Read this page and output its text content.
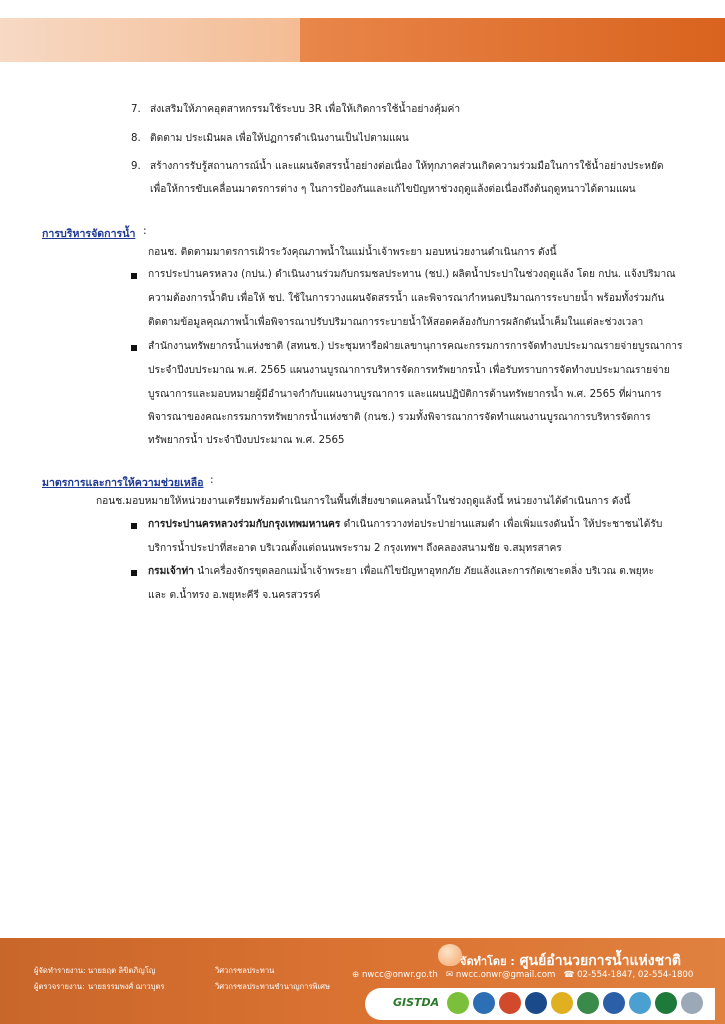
7. ส่งเสริมให้ภาคอุตสาหกรรมใช้ระบบ 3R เพื่อให้เกิดการใช้น้ำอย่างคุ้มค่า
8. ติดตาม ประเมินผล เพื่อให้ปฏการดำเนินงานเป็นไปตามแผน
9. สร้างการรับรู้สถานการณ์น้ำ และแผนจัดสรรน้ำอย่างต่อเนื่อง ให้ทุกภาคส่วนเกิดความร่วมมือในการใช้น้ำอย่างประหยัด
เพื่อให้การขับเคลื่อนมาตรการต่าง ๆ ในการป้องกันและแก้ไขปัญหาช่วงฤดูแล้งต่อเนื่องถึงต้นฤดูหนาวได้ตามแผน
การบริหารจัดการน้ำ :
กอนช. ติดตามมาตรการเฝ้าระวังคุณภาพน้ำในแม่น้ำเจ้าพระยา มอบหน่วยงานดำเนินการ ดังนี้
การประปานครหลวง (กปน.) ดำเนินงานร่วมกับกรมชลประทาน (ชป.) ผลิตน้ำประปาในช่วงฤดูแล้ง โดย กปน. แจ้งปริมาณ
ความต้องการน้ำดิบ เพื่อให้ ชป. ใช้ในการวางแผนจัดสรรน้ำ และพิจารณากำหนดปริมาณการระบายน้ำ พร้อมทั้งร่วมกัน
ติดตามข้อมูลคุณภาพน้ำเพื่อพิจารณาปรับปริมาณการระบายน้ำให้สอดคล้องกับการผลักดันน้ำเค็มในแต่ละช่วงเวลา
สำนักงานทรัพยากรน้ำแห่งชาติ (สทนช.) ประชุมหารือฝ่ายเลขานุการคณะกรรมการการจัดทำงบประมาณรายจ่ายบูรณาการ
ประจำปีงบประมาณ พ.ศ. 2565 แผนงานบูรณาการบริหารจัดการทรัพยากรน้ำ เพื่อรับทราบการจัดทำงบประมาณรายจ่าย
บูรณาการและมอบหมายผู้มีอำนาจกำกับแผนงานบูรณาการ และแผนปฏิบัติการด้านทรัพยากรน้ำ พ.ศ. 2565 ที่ผ่านการ
พิจารณาของคณะกรรมการทรัพยากรน้ำแห่งชาติ (กนช.) รวมทั้งพิจารณาการจัดทำแผนงานบูรณาการบริหารจัดการ
ทรัพยากรน้ำ ประจำปีงบประมาณ พ.ศ. 2565
มาตรการและการให้ความช่วยเหลือ :
กอนช.มอบหมายให้หน่วยงานเตรียมพร้อมดำเนินการในพื้นที่เสี่ยงขาดแคลนน้ำในช่วงฤดูแล้งนี้ หน่วยงานได้ดำเนินการ ดังนี้
การประปานครหลวงร่วมกับกรุงเทพมหานคร ดำเนินการวางท่อประปาย่านแสมดำ เพื่อเพิ่มแรงดันน้ำ ให้ประชาชนได้รับ
บริการน้ำประปาที่สะอาด บริเวณตั้งแต่ถนนพระราม 2 กรุงเทพฯ ถึงคลองสนามชัย จ.สมุทรสาคร
กรมเจ้าท่า นำเครื่องจักรขุดลอกแม่น้ำเจ้าพระยา เพื่อแก้ไขปัญหาอุทกภัย ภัยแล้งและการกัดเซาะตลิ่ง บริเวณ ต.พยุหะ
และ ต.น้ำทรง อ.พยุหะคีรี จ.นครสวรรค์
ผู้จัดทำรายงาน: นายธฤต ลิขิตภิญโญ	วิศวกรชลประทาน
ผู้ตรวจรายงาน: นายธรรมพงศ์ ฌาวบุตร	วิศวกรชลประทานชำนาญการพิเศษ
จัดทำโดย : ศูนย์อำนวยการน้ำแห่งชาติ
⊕ nwcc@onwr.go.th ✉ nwcc.onwr@gmail.com ☎ 02-554-1847, 02-554-1800
GISTDA
